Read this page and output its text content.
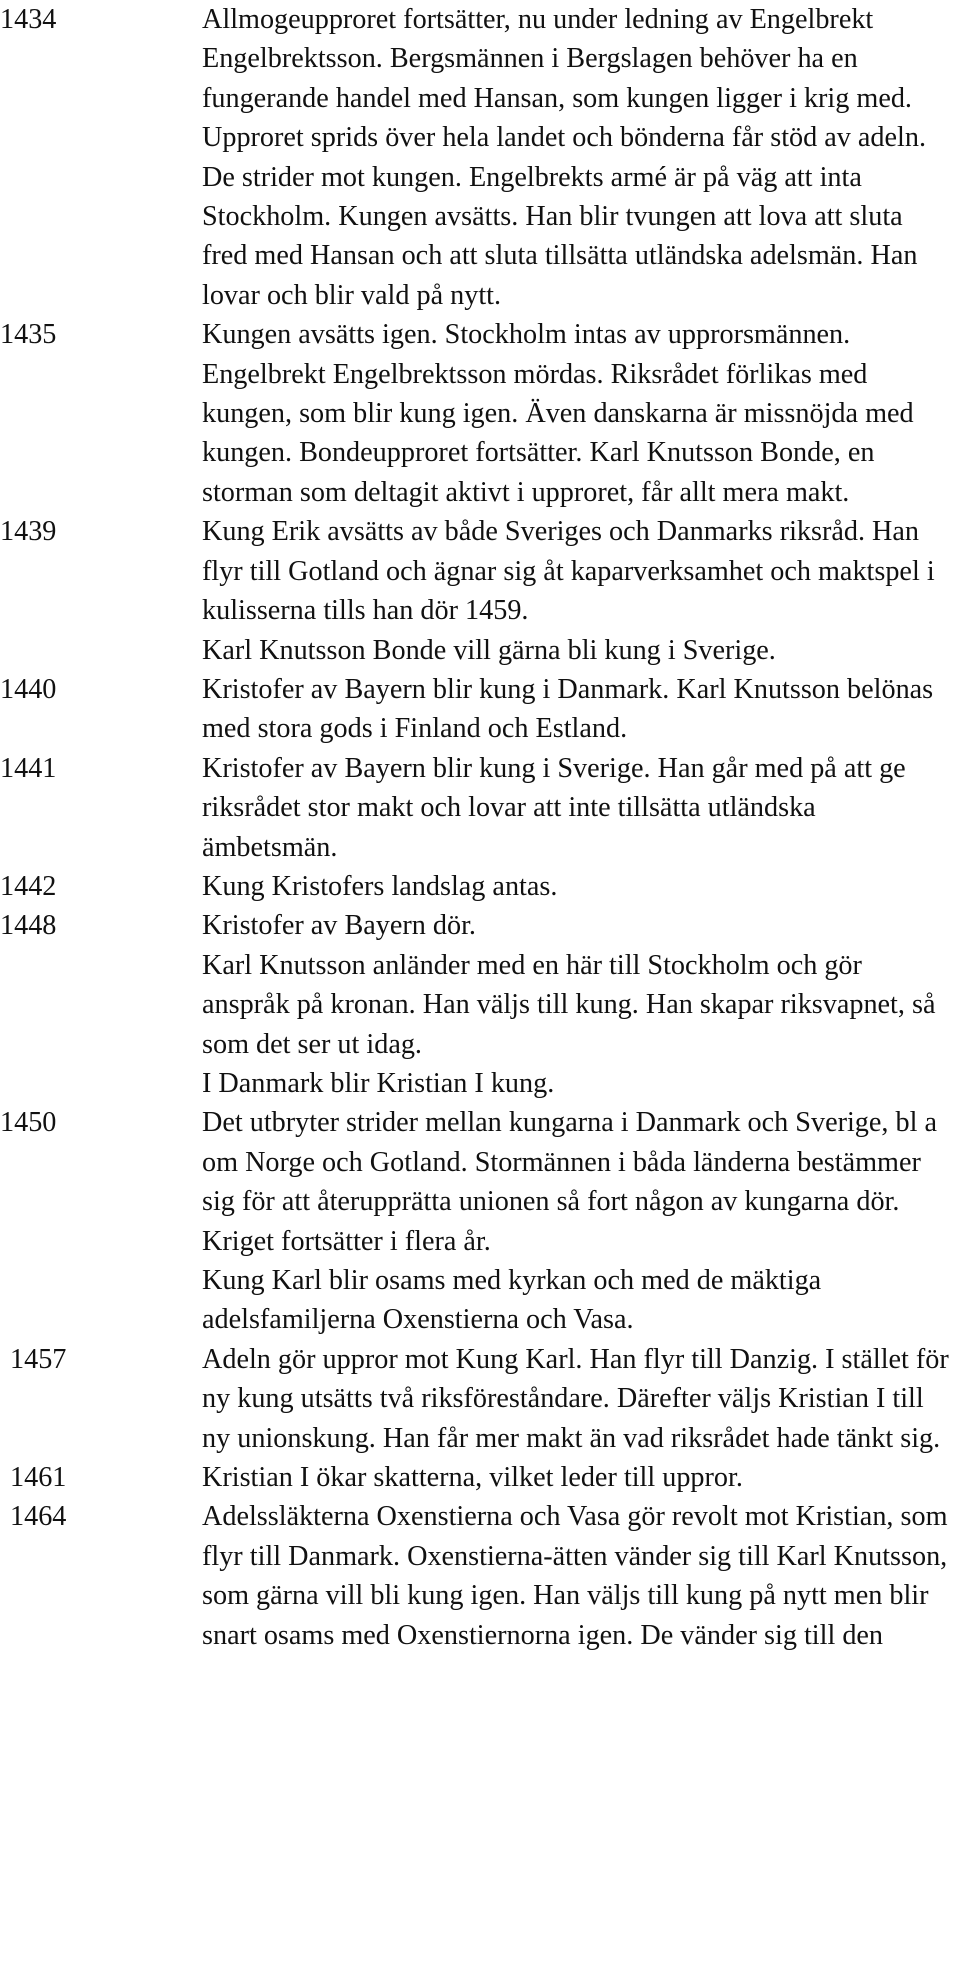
1434	Allmogeupproret fortsätter, nu under ledning av Engelbrekt Engelbrektsson. Bergsmännen i Bergslagen behöver ha en fungerande handel med Hansan, som kungen ligger i krig med. Upproret sprids över hela landet och bönderna får stöd av adeln. De strider mot kungen. Engelbrekts armé är på väg att inta Stockholm. Kungen avsätts. Han blir tvungen att lova att sluta fred med Hansan och att sluta tillsätta utländska adelsmän. Han lovar och blir vald på nytt.
1435	Kungen avsätts igen. Stockholm intas av upprorsmännen. Engelbrekt Engelbrektsson mördas. Riksrådet förlikas med kungen, som blir kung igen. Även danskarna är missnöjda med kungen. Bondeupproret fortsätter. Karl Knutsson Bonde, en storman som deltagit aktivt i upproret, får allt mera makt.
1439	Kung Erik avsätts av både Sveriges och Danmarks riksråd. Han flyr till Gotland och ägnar sig åt kaparverksamhet och maktspel i kulisserna tills han dör 1459.
Karl Knutsson Bonde vill gärna bli kung i Sverige.
1440	Kristofer av Bayern blir kung i Danmark. Karl Knutsson belönas med stora gods i Finland och Estland.
1441	Kristofer av Bayern blir kung i Sverige. Han går med på att ge riksrådet stor makt och lovar att inte tillsätta utländska ämbetsmän.
1442	Kung Kristofers landslag antas.
1448	Kristofer av Bayern dör.
Karl Knutsson anländer med en här till Stockholm och gör anspråk på kronan. Han väljs till kung. Han skapar riksvapnet, så som det ser ut idag.
I Danmark blir Kristian I kung.
1450	Det utbryter strider mellan kungarna i Danmark och Sverige, bl a om Norge och Gotland. Stormännen i båda länderna bestämmer sig för att återupprätta unionen så fort någon av kungarna dör. Kriget fortsätter i flera år.
Kung Karl blir osams med kyrkan och med de mäktiga adelsfamiljerna Oxenstierna och Vasa.
1457	Adeln gör uppror mot Kung Karl. Han flyr till Danzig. I stället för ny kung utsätts två riksföreståndare. Därefter väljs Kristian I till ny unionskung. Han får mer makt än vad riksrådet hade tänkt sig.
1461	Kristian I ökar skatterna, vilket leder till uppror.
1464	Adelssläkterna Oxenstierna och Vasa gör revolt mot Kristian, som flyr till Danmark. Oxenstierna-ätten vänder sig till Karl Knutsson, som gärna vill bli kung igen. Han väljs till kung på nytt men blir snart osams med Oxenstiernorna igen. De vänder sig till den
